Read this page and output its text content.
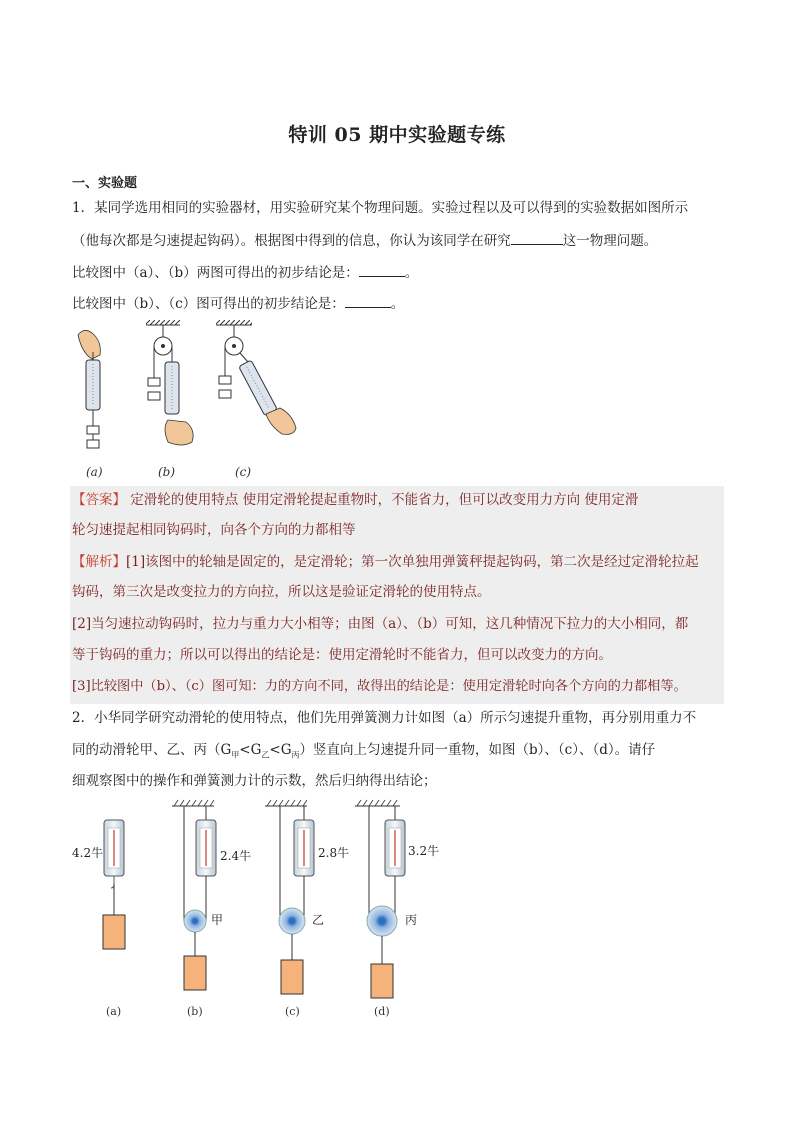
特训 05 期中实验题专练
一、实验题
1．某同学选用相同的实验器材，用实验研究某个物理问题。实验过程以及可以得到的实验数据如图所示
（他每次都是匀速提起钩码）。根据图中得到的信息，你认为该同学在研究	这一物理问题。
比较图中（a）、（b）两图可得出的初步结论是：	。
比较图中（b）、（c）图可得出的初步结论是：	。
(a)	(b)	(c)
【答案】 定滑轮的使用特点 使用定滑轮提起重物时，不能省力，但可以改变用力方向 使用定滑
轮匀速提起相同钩码时，向各个方向的力都相等
【解析】[1]该图中的轮轴是固定的，是定滑轮；第一次单独用弹簧秤提起钩码，第二次是经过定滑轮拉起
钩码，第三次是改变拉力的方向拉，所以这是验证定滑轮的使用特点。
[2]当匀速拉动钩码时，拉力与重力大小相等；由图（a）、（b）可知，这几种情况下拉力的大小相同，都
等于钩码的重力；所以可以得出的结论是：使用定滑轮时不能省力，但可以改变力的方向。
[3]比较图中（b）、（c）图可知：力的方向不同，故得出的结论是：使用定滑轮时向各个方向的力都相等。
2．小华同学研究动滑轮的使用特点，他们先用弹簧测力计如图（a）所示匀速提升重物，再分别用重力不
同的动滑轮甲、乙、丙$(G_甲<G_乙<G_丙)$竖直向上匀速提升同一重物，如图（b）、（c）、（d）。请仔
细观察图中的操作和弹簧测力计的示数，然后归纳得出结论；
4.2牛	2.4牛
甲
2.8牛
乙
3.2牛
丙
(a)	(b)	(c)	(d)
